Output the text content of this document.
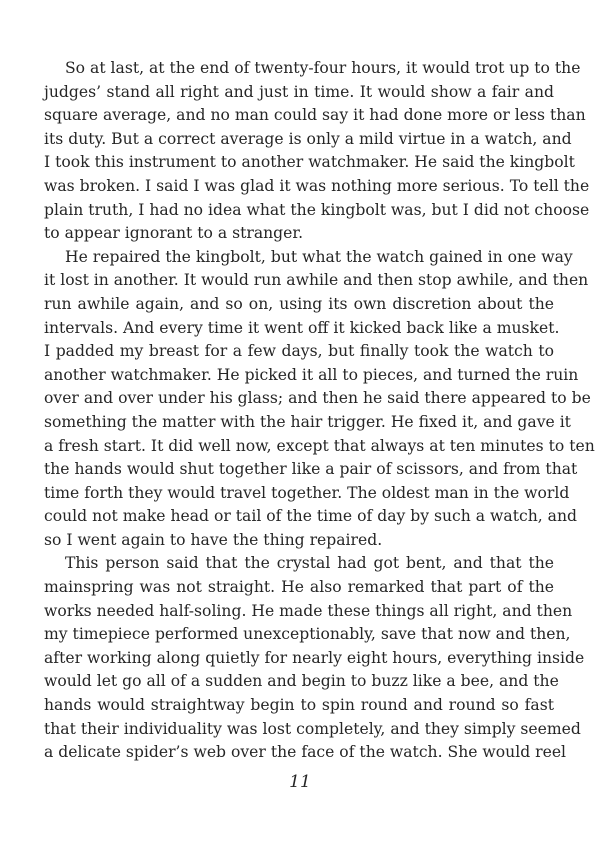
So at last, at the end of twenty-four hours, it would trot up to the
judges’ stand all right and just in time. It would show a fair and
square average, and no man could say it had done more or less than
its duty. But a correct average is only a mild virtue in a watch, and
I took this instrument to another watchmaker. He said the kingbolt
was broken. I said I was glad it was nothing more serious. To tell the
plain truth, I had no idea what the kingbolt was, but I did not choose
to appear ignorant to a stranger.
He repaired the kingbolt, but what the watch gained in one way
it lost in another. It would run awhile and then stop awhile, and then
run awhile again, and so on, using its own discretion about the
intervals. And every time it went off it kicked back like a musket.
I padded my breast for a few days, but finally took the watch to
another watchmaker. He picked it all to pieces, and turned the ruin
over and over under his glass; and then he said there appeared to be
something the matter with the hair trigger. He fixed it, and gave it
a fresh start. It did well now, except that always at ten minutes to ten
the hands would shut together like a pair of scissors, and from that
time forth they would travel together. The oldest man in the world
could not make head or tail of the time of day by such a watch, and
so I went again to have the thing repaired.
This person said that the crystal had got bent, and that the
mainspring was not straight. He also remarked that part of the
works needed half-soling. He made these things all right, and then
my timepiece performed unexceptionably, save that now and then,
after working along quietly for nearly eight hours, everything inside
would let go all of a sudden and begin to buzz like a bee, and the
hands would straightway begin to spin round and round so fast
that their individuality was lost completely, and they simply seemed
a delicate spider’s web over the face of the watch. She would reel
11
